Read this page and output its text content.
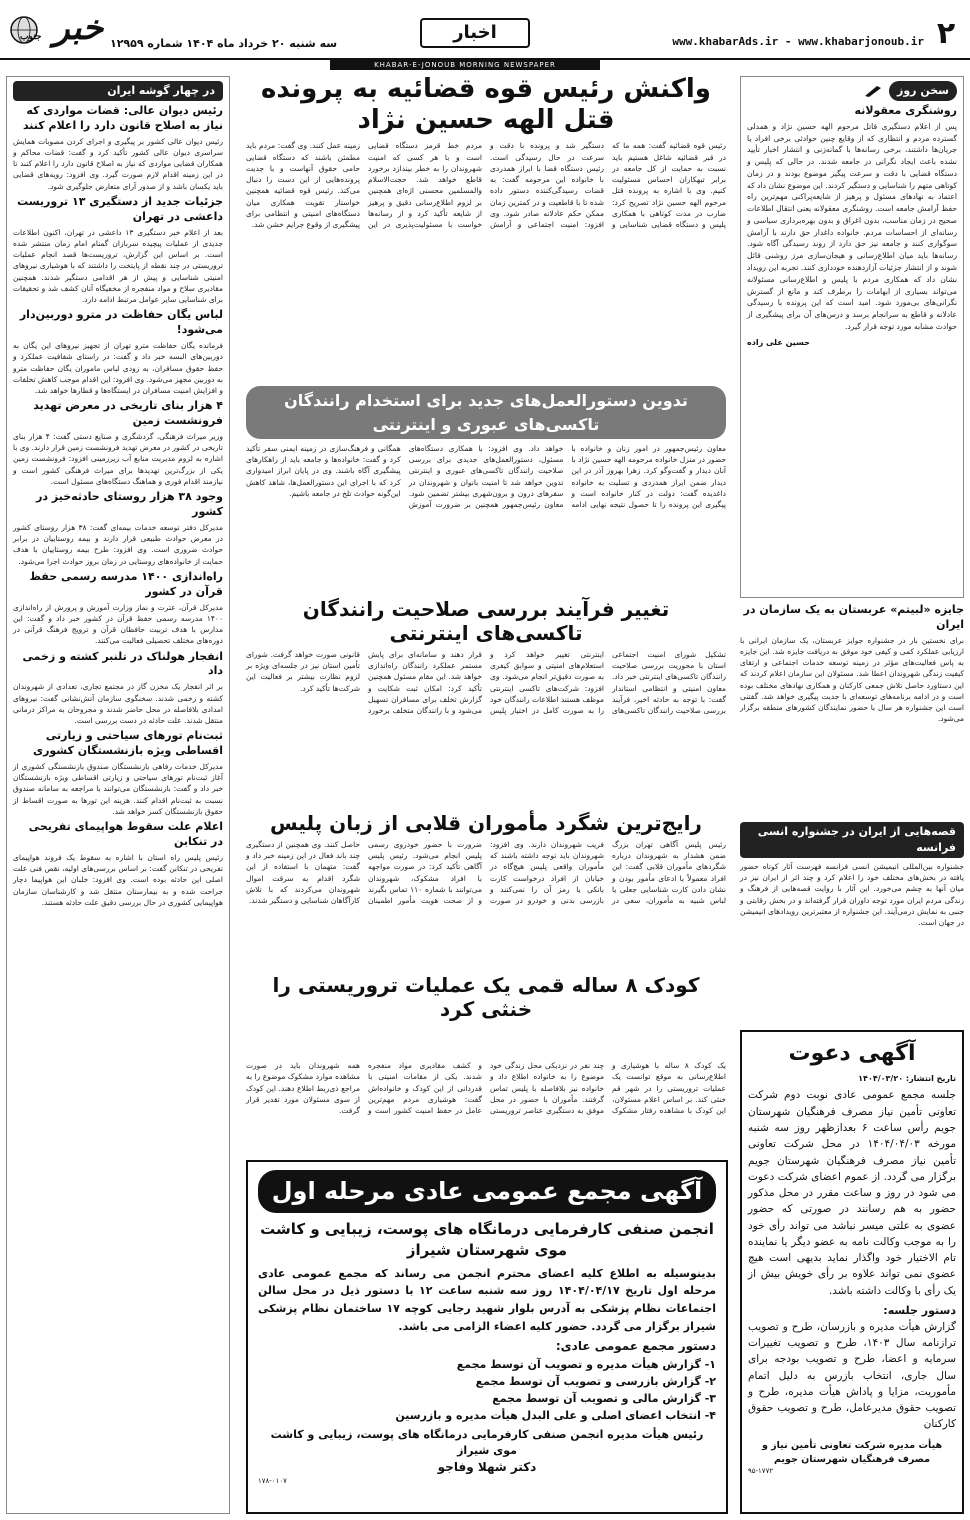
۲
www.khabarAds.ir - www.khabarjonoub.ir
اخبار
سه شنبه ۲۰ خرداد ماه ۱۴۰۴ شماره ۱۲۹۵۹
خبر جنوب
KHABAR-E-JONOUB MORNING NEWSPAPER
سخن روز
روشنگری معقولانه
پس از اعلام دستگیری قاتل مرحوم الهه حسین نژاد و همدلی گسترده مردم و انتظاری که از وقایع چنین حوادثی برخی افراد یا جریان‌ها داشتند، برخی رسانه‌ها با گمانه‌زنی و انتشار اخبار تأیید نشده باعث ایجاد نگرانی در جامعه شدند. در حالی که پلیس و دستگاه قضایی با دقت و سرعت پیگیر موضوع بودند و در زمان کوتاهی متهم را شناسایی و دستگیر کردند. این موضوع نشان داد که اعتماد به نهادهای مسئول و پرهیز از شایعه‌پراکنی مهم‌ترین راه حفظ آرامش جامعه است. روشنگری معقولانه یعنی انتقال اطلاعات صحیح در زمان مناسب، بدون اغراق و بدون بهره‌برداری سیاسی و رسانه‌ای از احساسات مردم. خانواده داغدار حق دارند با آرامش سوگواری کنند و جامعه نیز حق دارد از روند رسیدگی آگاه شود. رسانه‌ها باید میان اطلاع‌رسانی و هیجان‌سازی مرز روشنی قائل شوند و از انتشار جزئیات آزاردهنده خودداری کنند. تجربه این رویداد نشان داد که همکاری مردم با پلیس و اطلاع‌رسانی مسئولانه می‌تواند بسیاری از ابهامات را برطرف کند و مانع از گسترش نگرانی‌های بی‌مورد شود. امید است که این پرونده با رسیدگی عادلانه و قاطع به سرانجام برسد و درس‌های آن برای پیشگیری از حوادث مشابه مورد توجه قرار گیرد.
حسین علی زاده
جایزه «لبیتم» عربستان به یک سازمان در ایران
برای نخستین بار در جشنواره جوایز عربستان، یک سازمان ایرانی با ارزیابی عملکرد کمی و کیفی خود موفق به دریافت جایزه شد. این جایزه به پاس فعالیت‌های مؤثر در زمینه توسعه خدمات اجتماعی و ارتقای کیفیت زندگی شهروندان اعطا شد. مسئولان این سازمان اعلام کردند که این دستاورد حاصل تلاش جمعی کارکنان و همکاری نهادهای مختلف بوده است و در ادامه برنامه‌های توسعه‌ای با جدیت پیگیری خواهد شد. گفتنی است این جشنواره هر سال با حضور نمایندگان کشورهای منطقه برگزار می‌شود.
قصه‌هایی از ایران در جشنواره انسی فرانسه
جشنواره بین‌المللی انیمیشن انسی فرانسه فهرست آثار کوتاه حضور یافته در بخش‌های مختلف خود را اعلام کرد و چند اثر از ایران نیز در میان آنها به چشم می‌خورد. این آثار با روایت قصه‌هایی از فرهنگ و زندگی مردم ایران مورد توجه داوران قرار گرفته‌اند و در بخش رقابتی و جنبی به نمایش درمی‌آیند. این جشنواره از معتبرترین رویدادهای انیمیشن در جهان است.
آگهی دعوت
تاریخ انتشار: ۱۴۰۴/۰۳/۲۰
جلسه مجمع عمومی عادی نوبت دوم شرکت تعاونی تأمین نیاز مصرف فرهنگیان شهرستان جویم رأس ساعت ۶ بعدازظهر روز سه شنبه مورخه ۱۴۰۴/۰۴/۰۳ در محل شرکت تعاونی تأمین نیاز مصرف فرهنگیان شهرستان جویم برگزار می گردد. از عموم اعضای شرکت دعوت می شود در روز و ساعت مقرر در محل مذکور حضور به هم رسانند در صورتی که حضور عضوی به علتی میسر نباشد می تواند رأی خود را به موجب وکالت نامه به عضو دیگر یا نماینده تام الاختیار خود واگذار نماید بدیهی است هیچ عضوی نمی تواند علاوه بر رأی خویش بیش از یک رأی با وکالت داشته باشد.
دستور جلسه:
گزارش هیأت مدیره و بازرسان، طرح و تصویب ترازنامه سال ۱۴۰۳، طرح و تصویب تغییرات سرمایه و اعضا، طرح و تصویب بودجه برای سال جاری، انتخاب بازرس به دلیل اتمام مأموریت، مزایا و پاداش هیأت مدیره، طرح و تصویب حقوق مدیرعامل، طرح و تصویب حقوق کارکنان
هیأت مدیره شرکت تعاونی تأمین نیاز و مصرف فرهنگیان شهرستان جویم
۹۵-۱۷۷۲
واکنش رئیس قوه قضائیه به پرونده قتل الهه حسین نژاد
رئیس قوه قضائیه گفت: همه ما که در قبر قضائیه شاغل هستیم باید نسبت به حمایت از کل جامعه در برابر تبهکاران احساس مسئولیت کنیم. وی با اشاره به پرونده قتل مرحوم الهه حسین نژاد تصریح کرد: ضارب در مدت کوتاهی با همکاری پلیس و دستگاه قضایی شناسایی و دستگیر شد و پرونده با دقت و سرعت در حال رسیدگی است. رئیس دستگاه قضا با ابراز همدردی با خانواده این مرحومه گفت: به قضات رسیدگی‌کننده دستور داده شده تا با قاطعیت و در کمترین زمان ممکن حکم عادلانه صادر شود. وی افزود: امنیت اجتماعی و آرامش مردم خط قرمز دستگاه قضایی است و با هر کسی که امنیت شهروندان را به خطر بیندازد برخورد قاطع خواهد شد. حجت‌الاسلام والمسلمین محسنی اژه‌ای همچنین بر لزوم اطلاع‌رسانی دقیق و پرهیز از شایعه تأکید کرد و از رسانه‌ها خواست با مسئولیت‌پذیری در این زمینه عمل کنند. وی گفت: مردم باید مطمئن باشند که دستگاه قضایی حامی حقوق آنهاست و با جدیت پرونده‌هایی از این دست را دنبال می‌کند. رئیس قوه قضائیه همچنین خواستار تقویت همکاری میان دستگاه‌های امنیتی و انتظامی برای پیشگیری از وقوع جرایم خشن شد.
تدوین دستورالعمل‌های جدید برای استخدام رانندگان تاکسی‌های عبوری و اینترنتی
معاون رئیس‌جمهور در امور زنان و خانواده با حضور در منزل خانواده مرحومه الهه حسین نژاد با آنان دیدار و گفت‌وگو کرد. زهرا بهروز آذر در این دیدار ضمن ابراز همدردی و تسلیت به خانواده داغدیده گفت: دولت در کنار خانواده است و پیگیری این پرونده را تا حصول نتیجه نهایی ادامه خواهد داد. وی افزود: با همکاری دستگاه‌های مسئول، دستورالعمل‌های جدیدی برای بررسی صلاحیت رانندگان تاکسی‌های عبوری و اینترنتی تدوین خواهد شد تا امنیت بانوان و شهروندان در سفرهای درون و برون‌شهری بیشتر تضمین شود. معاون رئیس‌جمهور همچنین بر ضرورت آموزش همگانی و فرهنگ‌سازی در زمینه ایمنی سفر تأکید کرد و گفت: خانواده‌ها و جامعه باید از راهکارهای پیشگیری آگاه باشند. وی در پایان ابراز امیدواری کرد که با اجرای این دستورالعمل‌ها، شاهد کاهش این‌گونه حوادث تلخ در جامعه باشیم.
تغییر فرآیند بررسی صلاحیت رانندگان تاکسی‌های اینترنتی
تشکیل شورای امنیت اجتماعی استان با محوریت بررسی صلاحیت رانندگان تاکسی‌های اینترنتی خبر داد. معاون امنیتی و انتظامی استاندار گفت: با توجه به حادثه اخیر، فرآیند بررسی صلاحیت رانندگان تاکسی‌های اینترنتی تغییر خواهد کرد و استعلام‌های امنیتی و سوابق کیفری به صورت دقیق‌تر انجام می‌شود. وی افزود: شرکت‌های تاکسی اینترنتی موظف هستند اطلاعات رانندگان خود را به صورت کامل در اختیار پلیس قرار دهند و سامانه‌ای برای پایش مستمر عملکرد رانندگان راه‌اندازی خواهد شد. این مقام مسئول همچنین تأکید کرد: امکان ثبت شکایت و گزارش تخلف برای مسافران تسهیل می‌شود و با رانندگان متخلف برخورد قانونی صورت خواهد گرفت. شورای تأمین استان نیز در جلسه‌ای ویژه بر لزوم نظارت بیشتر بر فعالیت این شرکت‌ها تأکید کرد.
رایج‌ترین شگرد مأموران قلابی از زبان پلیس
رئیس پلیس آگاهی تهران بزرگ ضمن هشدار به شهروندان درباره شگردهای مأموران قلابی گفت: این افراد معمولاً با ادعای مأمور بودن و نشان دادن کارت شناسایی جعلی یا لباس شبیه به مأموران، سعی در فریب شهروندان دارند. وی افزود: شهروندان باید توجه داشته باشند که مأموران واقعی پلیس هیچ‌گاه در خیابان از افراد درخواست کارت بانکی یا رمز آن را نمی‌کنند و بازرسی بدنی و خودرو در صورت ضرورت با حضور خودروی رسمی پلیس انجام می‌شود. رئیس پلیس آگاهی تأکید کرد: در صورت مواجهه با افراد مشکوک، شهروندان می‌توانند با شماره ۱۱۰ تماس بگیرند و از صحت هویت مأمور اطمینان حاصل کنند. وی همچنین از دستگیری چند باند فعال در این زمینه خبر داد و گفت: متهمان با استفاده از این شگرد اقدام به سرقت اموال شهروندان می‌کردند که با تلاش کارآگاهان شناسایی و دستگیر شدند.
کودک ۸ ساله قمی یک عملیات تروریستی را خنثی کرد
یک کودک ۸ ساله با هوشیاری و اطلاع‌رسانی به موقع توانست یک عملیات تروریستی را در شهر قم خنثی کند. بر اساس اعلام مسئولان، این کودک با مشاهده رفتار مشکوک چند نفر در نزدیکی محل زندگی خود موضوع را به خانواده اطلاع داد و خانواده نیز بلافاصله با پلیس تماس گرفتند. مأموران با حضور در محل موفق به دستگیری عناصر تروریستی و کشف مقادیری مواد منفجره شدند. یکی از مقامات امنیتی با قدردانی از این کودک و خانواده‌اش گفت: هوشیاری مردم مهم‌ترین عامل در حفظ امنیت کشور است و همه شهروندان باید در صورت مشاهده موارد مشکوک موضوع را به مراجع ذی‌ربط اطلاع دهند. این کودک از سوی مسئولان مورد تقدیر قرار گرفت.
آگهی مجمع عمومی عادی مرحله اول
انجمن صنفی کارفرمایی درمانگاه های پوست، زیبایی و کاشت موی شهرستان شیراز
بدینوسیله به اطلاع کلیه اعضای محترم انجمن می رساند که مجمع عمومی عادی مرحله اول تاریخ ۱۴۰۴/۰۴/۱۷ روز سه شنبه ساعت ۱۲ با دستور ذیل در محل سالن اجتماعات نظام پزشکی به آدرس بلوار شهید رجایی کوچه ۱۷ ساختمان نظام پزشکی شیراز برگزار می گردد. حضور کلیه اعضاء الزامی می باشد.
دستور مجمع عمومی عادی:
۱- گزارش هیأت مدیره و تصویب آن توسط مجمع
۲- گزارش بازرسی و تصویب آن توسط مجمع
۳- گزارش مالی و تصویب آن توسط مجمع
۴- انتخاب اعضای اصلی و علی البدل هیأت مدیره و بازرسین
رئیس هیأت مدیره انجمن صنفی کارفرمایی درمانگاه های پوست، زیبایی و کاشت موی شیراز
دکتر شهلا وفاجو
۱۷۸-۰۱۰۷
در چهار گوشه ایران
رئیس دیوان عالی: قضات مواردی که نیاز به اصلاح قانون دارد را اعلام کنند
رئیس دیوان عالی کشور بر پیگیری و اجرای کردن مصوبات همایش سراسری دیوان عالی کشور تأکید کرد و گفت: قضات محاکم و همکاران قضایی مواردی که نیاز به اصلاح قانون دارد را اعلام کنند تا در این زمینه اقدام لازم صورت گیرد. وی افزود: رویه‌های قضایی باید یکسان باشد و از صدور آرای متعارض جلوگیری شود.
جزئیات جدید از دستگیری ۱۳ تروریست داعشی در تهران
بعد از اعلام خبر دستگیری ۱۳ داعشی در تهران، اکنون اطلاعات جدیدی از عملیات پیچیده سربازان گمنام امام زمان منتشر شده است. بر اساس این گزارش، تروریست‌ها قصد انجام عملیات تروریستی در چند نقطه از پایتخت را داشتند که با هوشیاری نیروهای امنیتی شناسایی و پیش از هر اقدامی دستگیر شدند. همچنین مقادیری سلاح و مواد منفجره از مخفیگاه آنان کشف شد و تحقیقات برای شناسایی سایر عوامل مرتبط ادامه دارد.
لباس یگان حفاظت در مترو دوربین‌دار می‌شود!
فرمانده یگان حفاظت مترو تهران از تجهیز نیروهای این یگان به دوربین‌های البسه خبر داد و گفت: در راستای شفافیت عملکرد و حفظ حقوق مسافران، به زودی لباس ماموران یگان حفاظت مترو به دوربین مجهز می‌شود. وی افزود: این اقدام موجب کاهش تخلفات و افزایش امنیت مسافران در ایستگاه‌ها و قطارها خواهد شد.
۴ هزار بنای تاریخی در معرض تهدید فرونشست زمین
وزیر میراث فرهنگی، گردشگری و صنایع دستی گفت: ۴ هزار بنای تاریخی در کشور در معرض تهدید فرونشست زمین قرار دارند. وی با اشاره به لزوم مدیریت منابع آب زیرزمینی افزود: فرونشست زمین یکی از بزرگ‌ترین تهدیدها برای میراث فرهنگی کشور است و نیازمند اقدام فوری و هماهنگ دستگاه‌های مسئول است.
وجود ۳۸ هزار روستای حادثه‌خیز در کشور
مدیرکل دفتر توسعه خدمات بیمه‌ای گفت: ۳۸ هزار روستای کشور در معرض حوادث طبیعی قرار دارند و بیمه روستاییان در برابر حوادث ضروری است. وی افزود: طرح بیمه روستاییان با هدف حمایت از خانواده‌های روستایی در زمان بروز حوادث اجرا می‌شود.
راه‌اندازی ۱۴۰۰ مدرسه رسمی حفظ قرآن در کشور
مدیرکل قرآن، عترت و نماز وزارت آموزش و پرورش از راه‌اندازی ۱۴۰۰ مدرسه رسمی حفظ قرآن در کشور خبر داد و گفت: این مدارس با هدف تربیت حافظان قرآن و ترویج فرهنگ قرآنی در دوره‌های مختلف تحصیلی فعالیت می‌کنند.
انفجار هولناک در تلنبر کشته و زخمی داد
بر اثر انفجار یک مخزن گاز در مجتمع تجاری، تعدادی از شهروندان کشته و زخمی شدند. سخنگوی سازمان آتش‌نشانی گفت: نیروهای امدادی بلافاصله در محل حاضر شدند و مجروحان به مراکز درمانی منتقل شدند. علت حادثه در دست بررسی است.
ثبت‌نام تورهای سیاحتی و زیارتی اقساطی ویژه بازنشستگان کشوری
مدیرکل خدمات رفاهی بازنشستگان صندوق بازنشستگی کشوری از آغاز ثبت‌نام تورهای سیاحتی و زیارتی اقساطی ویژه بازنشستگان خبر داد و گفت: بازنشستگان می‌توانند با مراجعه به سامانه صندوق نسبت به ثبت‌نام اقدام کنند. هزینه این تورها به صورت اقساط از حقوق بازنشستگان کسر خواهد شد.
اعلام علت سقوط هواپیمای تفریحی در تنکابن
رئیس پلیس راه استان با اشاره به سقوط یک فروند هواپیمای تفریحی در تنکابن گفت: بر اساس بررسی‌های اولیه، نقص فنی علت اصلی این حادثه بوده است. وی افزود: خلبان این هواپیما دچار جراحت شده و به بیمارستان منتقل شد و کارشناسان سازمان هواپیمایی کشوری در حال بررسی دقیق علت حادثه هستند.
